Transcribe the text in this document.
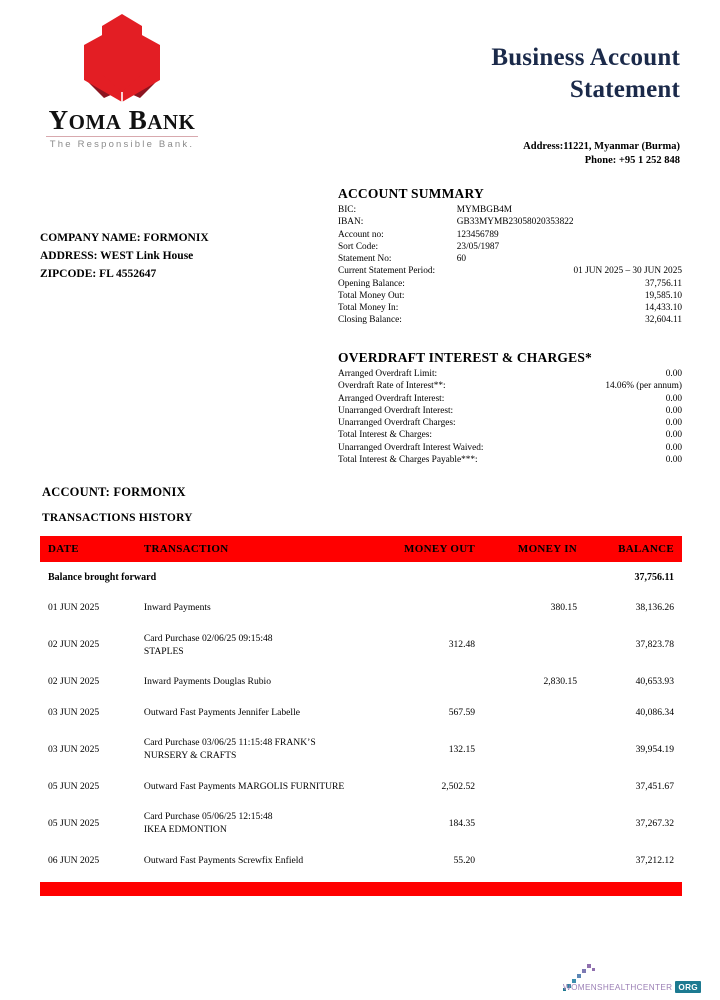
YOMA BANK
The Responsible Bank.
Business Account
Statement
Address:11221, Myanmar (Burma)
Phone: +95 1 252 848
COMPANY NAME: FORMONIX
ADDRESS: WEST Link House
ZIPCODE: FL 4552647
ACCOUNT SUMMARY
BIC:	MYMBGB4M	
IBAN:	GB33MYMB23058020353822	
Account no:	123456789	
Sort Code:	23/05/1987	
Statement No:	60	
Current Statement Period:		01 JUN 2025 – 30 JUN 2025
Opening Balance:		37,756.11
Total Money Out:		19,585.10
Total Money In:		14,433.10
Closing Balance:		32,604.11
OVERDRAFT INTEREST & CHARGES*
Arranged Overdraft Limit:	0.00
Overdraft Rate of Interest**:	14.06% (per annum)
Arranged Overdraft Interest:	0.00
Unarranged Overdraft Interest:	0.00
Unarranged Overdraft Charges:	0.00
Total Interest & Charges:	0.00
Unarranged Overdraft Interest Waived:	0.00
Total Interest & Charges Payable***:	0.00
ACCOUNT: FORMONIX
TRANSACTIONS HISTORY
DATE	TRANSACTION	MONEY OUT	MONEY IN	BALANCE
Balance brought forward				37,756.11
01 JUN 2025	Inward Payments		380.15	38,136.26
02 JUN 2025	Card Purchase 02/06/25 09:15:48
STAPLES	312.48		37,823.78
02 JUN 2025	Inward Payments Douglas Rubio		2,830.15	40,653.93
03 JUN 2025	Outward Fast Payments Jennifer Labelle	567.59		40,086.34
03 JUN 2025	Card Purchase 03/06/25 11:15:48 FRANK’S
NURSERY & CRAFTS	132.15		39,954.19
05 JUN 2025	Outward Fast Payments MARGOLIS FURNITURE	2,502.52		37,451.67
05 JUN 2025	Card Purchase 05/06/25 12:15:48
IKEA EDMONTION	184.35		37,267.32
06 JUN 2025	Outward Fast Payments Screwfix Enfield	55.20		37,212.12
WOMENSHEALTHCENTER ORG
